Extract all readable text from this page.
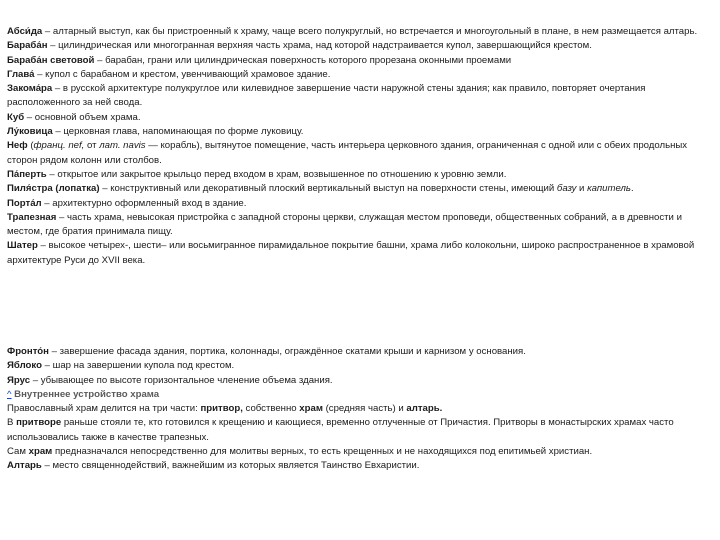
Абси́да – алтарный выступ, как бы пристроенный к храму, чаще всего полукруглый, но встречается и многоугольный в плане, в нем размещается алтарь.

Бараба́н – цилиндрическая или многогранная верхняя часть храма, над которой надстраивается купол, завершающийся крестом.

Бараба́н световой – барабан, грани или цилиндрическая поверхность которого прорезана оконными проемами

Глава́ – купол с барабаном и крестом, увенчивающий храмовое здание.

Закома́ра – в русской архитектуре полукруглое или килевидное завершение части наружной стены здания; как правило, повторяет очертания расположенного за ней свода.

Куб – основной объем храма.

Лу́ковица – церковная глава, напоминающая по форме луковицу.

Неф (франц. nef, от лат. navis — корабль), вытянутое помещение, часть интерьера церковного здания, ограниченная с одной или с обеих продольных сторон рядом колонн или столбов.

Па́перть – открытое или закрытое крыльцо перед входом в храм, возвышенное по отношению к уровню земли.

Пиля́стра (лопатка) – конструктивный или декоративный плоский вертикальный выступ на поверхности стены, имеющий базу и капитель.

Порта́л – архитектурно оформленный вход в здание.

Трапезная – часть храма, невысокая пристройка с западной стороны церкви, служащая местом проповеди, общественных собраний, а в древности и местом, где братия принимала пищу.

Шатер – высокое четырех-, шести– или восьмигранное пирамидальное покрытие башни, храма либо колокольни, широко распространенное в храмовой архитектуре Руси до XVII века.

Фронто́н – завершение фасада здания, портика, колоннады, ограждённое скатами крыши и карнизом у основания.

Яблоко – шар на завершении купола под крестом.

Ярус – убывающее по высоте горизонтальное членение объема здания.

^ Внутреннее устройство храма

Православный храм делится на три части: притвор, собственно храм (средняя часть) и алтарь.

В притворе раньше стояли те, кто готовился к крещению и кающиеся, временно отлученные от Причастия. Притворы в монастырских храмах часто использовались также в качестве трапезных.

Сам храм предназначался непосредственно для молитвы верных, то есть крещенных и не находящихся под епитимьей христиан.

Алтарь – место священнодействий, важнейшим из которых является Таинство Евхаристии.
